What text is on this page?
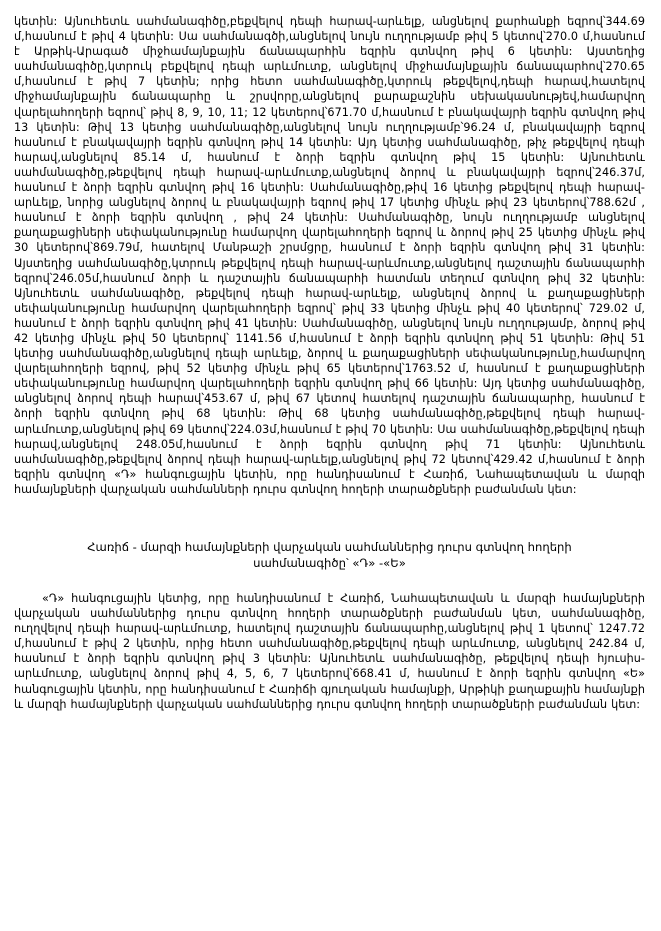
կետին: Այնուհետև սահմանագիծը,բեքվելով դեպի հարավ-արևելք, անցնելով քարհանքի եզրով՝344.69 մ,հասնում է թիվ 4 կետին: Սա սահմանագծի,անցնելով նույն ուղղությամբ թիվ 5 կետով՝270.0 մ,հասնում է Արթիկ-Արագած միջհամայնքային ճանապարհին եզրին գտնվող թիվ 6 կետին: Այստեղից սահմանագիծը,կտրուկ բեքվելով դեպի արևմուտք, անցնելով միջհամայնքային ճանապարհով՝270.65 մ,հասնում է թիվ 7 կետին; որից հետո սահմանագիծը,կտրուկ թեքվելով,դեպի հարավ,հատելով միջհամայնքային ճանապարհը և շրսվորը,անցնելով քարաքաշնին սեխակասնությեվ,համարվող վարելահողերի եզրով՝ թիվ 8, 9, 10, 11; 12 կետերով՝671.70 մ,հասնում է բնակավայրի եզրին գտնվող թիվ 13 կետին: Թիվ 13 կետից սահմանագիծը,անցնելով նույն ուղղությամբ՝96.24 մ, բնակավայրի եզրով հասնում է բնակավայրի եզրին գտնվող թիվ 14 կետին: Այդ կետից սահմանագիծը, թիչ թեքվելով դեպի հարավ,անցնելով 85.14 մ, հասնում է ձորի եզրին գտնվող թիվ 15 կետին: Այնուհետև սահմանագիծը,թեքվելով դեպի հարավ-արևմուտք,անցնելով ձորով և բնակավայրի եզրով՝246.37մ, հասնում է ձորի եզրին գտնվող թիվ 16 կետին: Սահմանագիծը,թիվ 16 կետից թեքվելով դեպի հարավ-արևելք, նորից անցնելով ձորով և բնակավայրի եզրով թիվ 17 կետից մինչև թիվ 23 կետերով՝788.62մ , հասնում է ձորի եզրին գտնվող , թիվ 24 կետին: Սահմանագիծը, նույն ուղղությամբ անցնելով քաղաքացիների սեփականությունը համարվող վարելահողերի եզրով և ձորով թիվ 25 կետից մինչև թիվ 30 կետերով՝869.79մ, հատելով Մանթաշի շրսմցրը, հասնում է ձորի եզրին գտնվող թիվ 31 կետին: Այստեղից սահմանագիծը,կտրուկ թեքվելով դեպի հարավ-արևմուտք,անցնելով դաշտային ճանապարհի եզրով՝246.05մ,հասնում ձորի և դաշտային ճանապարհի հատման տեղում գտնվող թիվ 32 կետին: Այնուհետև սահմանագիծը, թեքվելով դեպի հարավ-արևելք, անցնելով ձորով և քաղաքացիների սեփականությունը համարվող վարելահողերի եզրով՝ թիվ 33 կետից մինչև թիվ 40 կետերով՝ 729.02 մ, հասնում է ձորի եզրին գտնվող թիվ 41 կետին: Սահմանագիծը, անցնելով նույն ուղղությամբ, ձորով թիվ 42 կետից մինչև թիվ 50 կետերով՝ 1141.56 մ,հասնում է ձորի եզրին գտնվող թիվ 51 կետին: Թիվ 51 կետից սահմանագիծը,անցնելով դեպի արևելք, ձորով և քաղաքացիների սեփականությունը,համարվող վարելահողերի եզրով, թիվ 52 կետից մինչև թիվ 65 կետերով՝1763.52 մ, հասնում է քաղաքացիների սեփականությունը համարվող վարելահողերի եզրին գտնվող թիվ 66 կետին: Այդ կետից սահմանագիծը, անցնելով ձորով դեպի հարավ՝453.67 մ, թիվ 67 կետով հատելով դաշտային ճանապարհը, հասնում է ձորի եզրին գտնվող թիվ 68 կետին: Թիվ 68 կետից սահմանագիծը,թեքվելով դեպի հարավ-արևմուտք,անցնելով թիվ 69 կետով՝224.03մ,հասնում է թիվ 70 կետին: Սա սահմանագիծը,թեքվելով դեպի հարավ,անցնելով 248.05մ,հասնում է ձորի եզրին գտնվող թիվ 71 կետին: Այնուհետև սահմանագիծը,թեքվելով ձորով դեպի հարավ-արևելք,անցնելով թիվ 72 կետով՝429.42 մ,հասնում է ձորի եզրին գտնվող «Դ» հանգուցային կետին, որը հանդիսանում է Հառիճ, Նահապետավան և մարզի համայնքների վարչական սահմանների դուրս գտնվող հողերի տարածքների բաժանման կետ:

Հառիճ - մարզի համայնքների վարչական սահմաններից դուրս գտնվող հողերի

սահմանագիծը՝ «Դ» -«Ե»

«Դ» հանգուցային կետից, որը հանդիսանում է Հառիճ, Նահապետավան և մարզի համայնքների վարչական սահմաններից դուրս գտնվող հողերի տարածքների բաժանման կետ, սահմանագիծը, ուղղվելով դեպի հարավ-արևմուտք, հատելով դաշտային ճանապարհը,անցնելով թիվ 1 կետով՝ 1247.72 մ,հասնում է թիվ 2 կետին, որից հետո սահմանագիծը,թեքվելով դեպի արևմուտք, անցնելով 242.84 մ, հասնում է ձորի եզրին գտնվող թիվ 3 կետին: Այնուհետև սահմանագիծը, թեքվելով դեպի հյուսիս-արևմուտք, անցնելով ձորով թիվ 4, 5, 6, 7 կետերով՝668.41 մ, հասնում է ձորի եզրին գտնվող «Ե» հանգուցային կետին, որը հանդիսանում է Հառիճի գյուղական համայնքի, Արթիկի քաղաքային համայնքի և մարզի համայնքների վարչական սահմաններից դուրս գտնվող հողերի տարածքների բաժանման կետ:
